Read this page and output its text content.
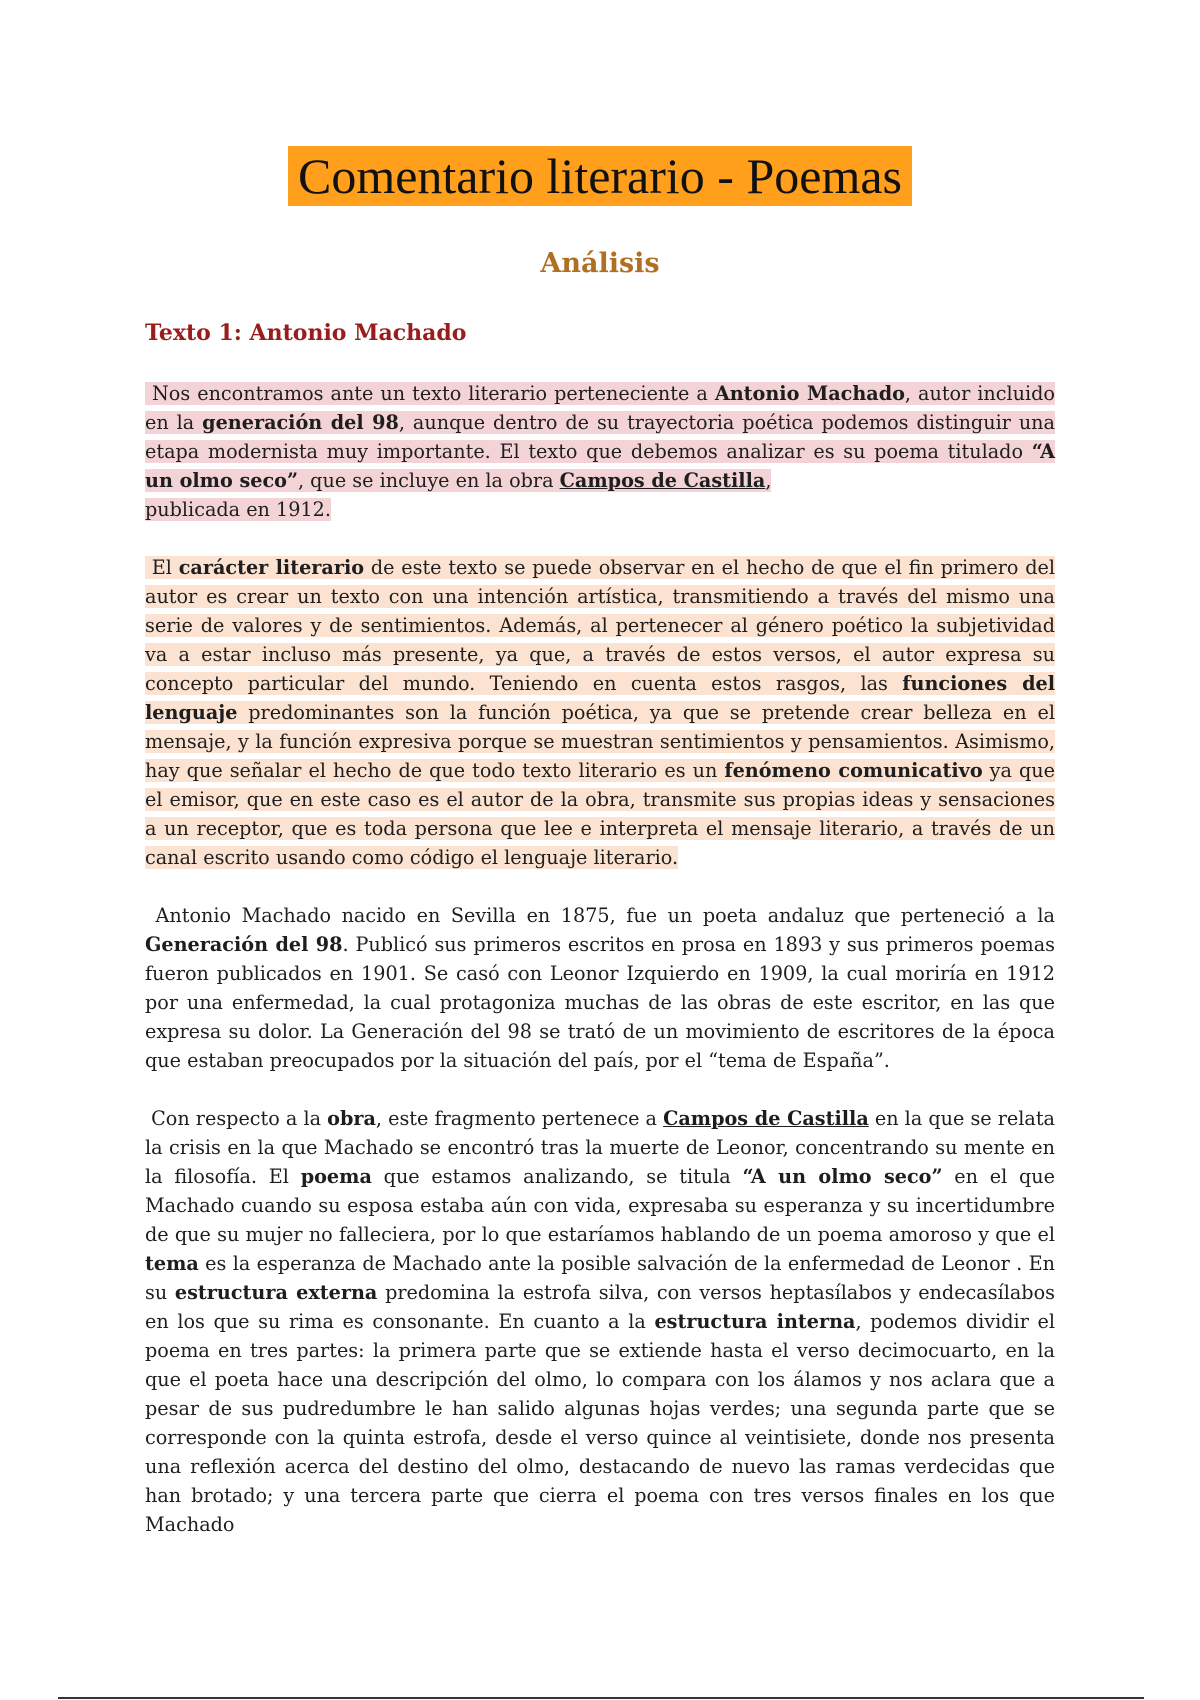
Comentario literario - Poemas
Análisis
Texto 1: Antonio Machado

Nos encontramos ante un texto literario perteneciente a Antonio Machado, autor incluido en la generación del 98, aunque dentro de su trayectoria poética podemos distinguir una etapa modernista muy importante. El texto que debemos analizar es su poema titulado “A un olmo seco”, que se incluye en la obra Campos de Castilla,
publicada en 1912.

El carácter literario de este texto se puede observar en el hecho de que el fin primero del autor es crear un texto con una intención artística, transmitiendo a través del mismo una serie de valores y de sentimientos. Además, al pertenecer al género poético la subjetividad va a estar incluso más presente, ya que, a través de estos versos, el autor expresa su concepto particular del mundo. Teniendo en cuenta estos rasgos, las funciones del lenguaje predominantes son la función poética, ya que se pretende crear belleza en el mensaje, y la función expresiva porque se muestran sentimientos y pensamientos. Asimismo, hay que señalar el hecho de que todo texto literario es un fenómeno comunicativo ya que el emisor, que en este caso es el autor de la obra, transmite sus propias ideas y sensaciones a un receptor, que es toda persona que lee e interpreta el mensaje literario, a través de un canal escrito usando como código el lenguaje literario.

Antonio Machado nacido en Sevilla en 1875, fue un poeta andaluz que perteneció a la Generación del 98. Publicó sus primeros escritos en prosa en 1893 y sus primeros poemas fueron publicados en 1901. Se casó con Leonor Izquierdo en 1909, la cual moriría en 1912 por una enfermedad, la cual protagoniza muchas de las obras de este escritor, en las que expresa su dolor. La Generación del 98 se trató de un movimiento de escritores de la época que estaban preocupados por la situación del país, por el “tema de España”.

Con respecto a la obra, este fragmento pertenece a Campos de Castilla en la que se relata la crisis en la que Machado se encontró tras la muerte de Leonor, concentrando su mente en la filosofía. El poema que estamos analizando, se titula “A un olmo seco” en el que Machado cuando su esposa estaba aún con vida, expresaba su esperanza y su incertidumbre de que su mujer no falleciera, por lo que estaríamos hablando de un poema amoroso y que el tema es la esperanza de Machado ante la posible salvación de la enfermedad de Leonor . En su estructura externa predomina la estrofa silva, con versos heptasílabos y endecasílabos en los que su rima es consonante. En cuanto a la estructura interna, podemos dividir el poema en tres partes: la primera parte que se extiende hasta el verso decimocuarto, en la que el poeta hace una descripción del olmo, lo compara con los álamos y nos aclara que a pesar de sus pudredumbre le han salido algunas hojas verdes; una segunda parte que se corresponde con la quinta estrofa, desde el verso quince al veintisiete, donde nos presenta una reflexión acerca del destino del olmo, destacando de nuevo las ramas verdecidas que han brotado; y una tercera parte que cierra el poema con tres versos finales en los que Machado
